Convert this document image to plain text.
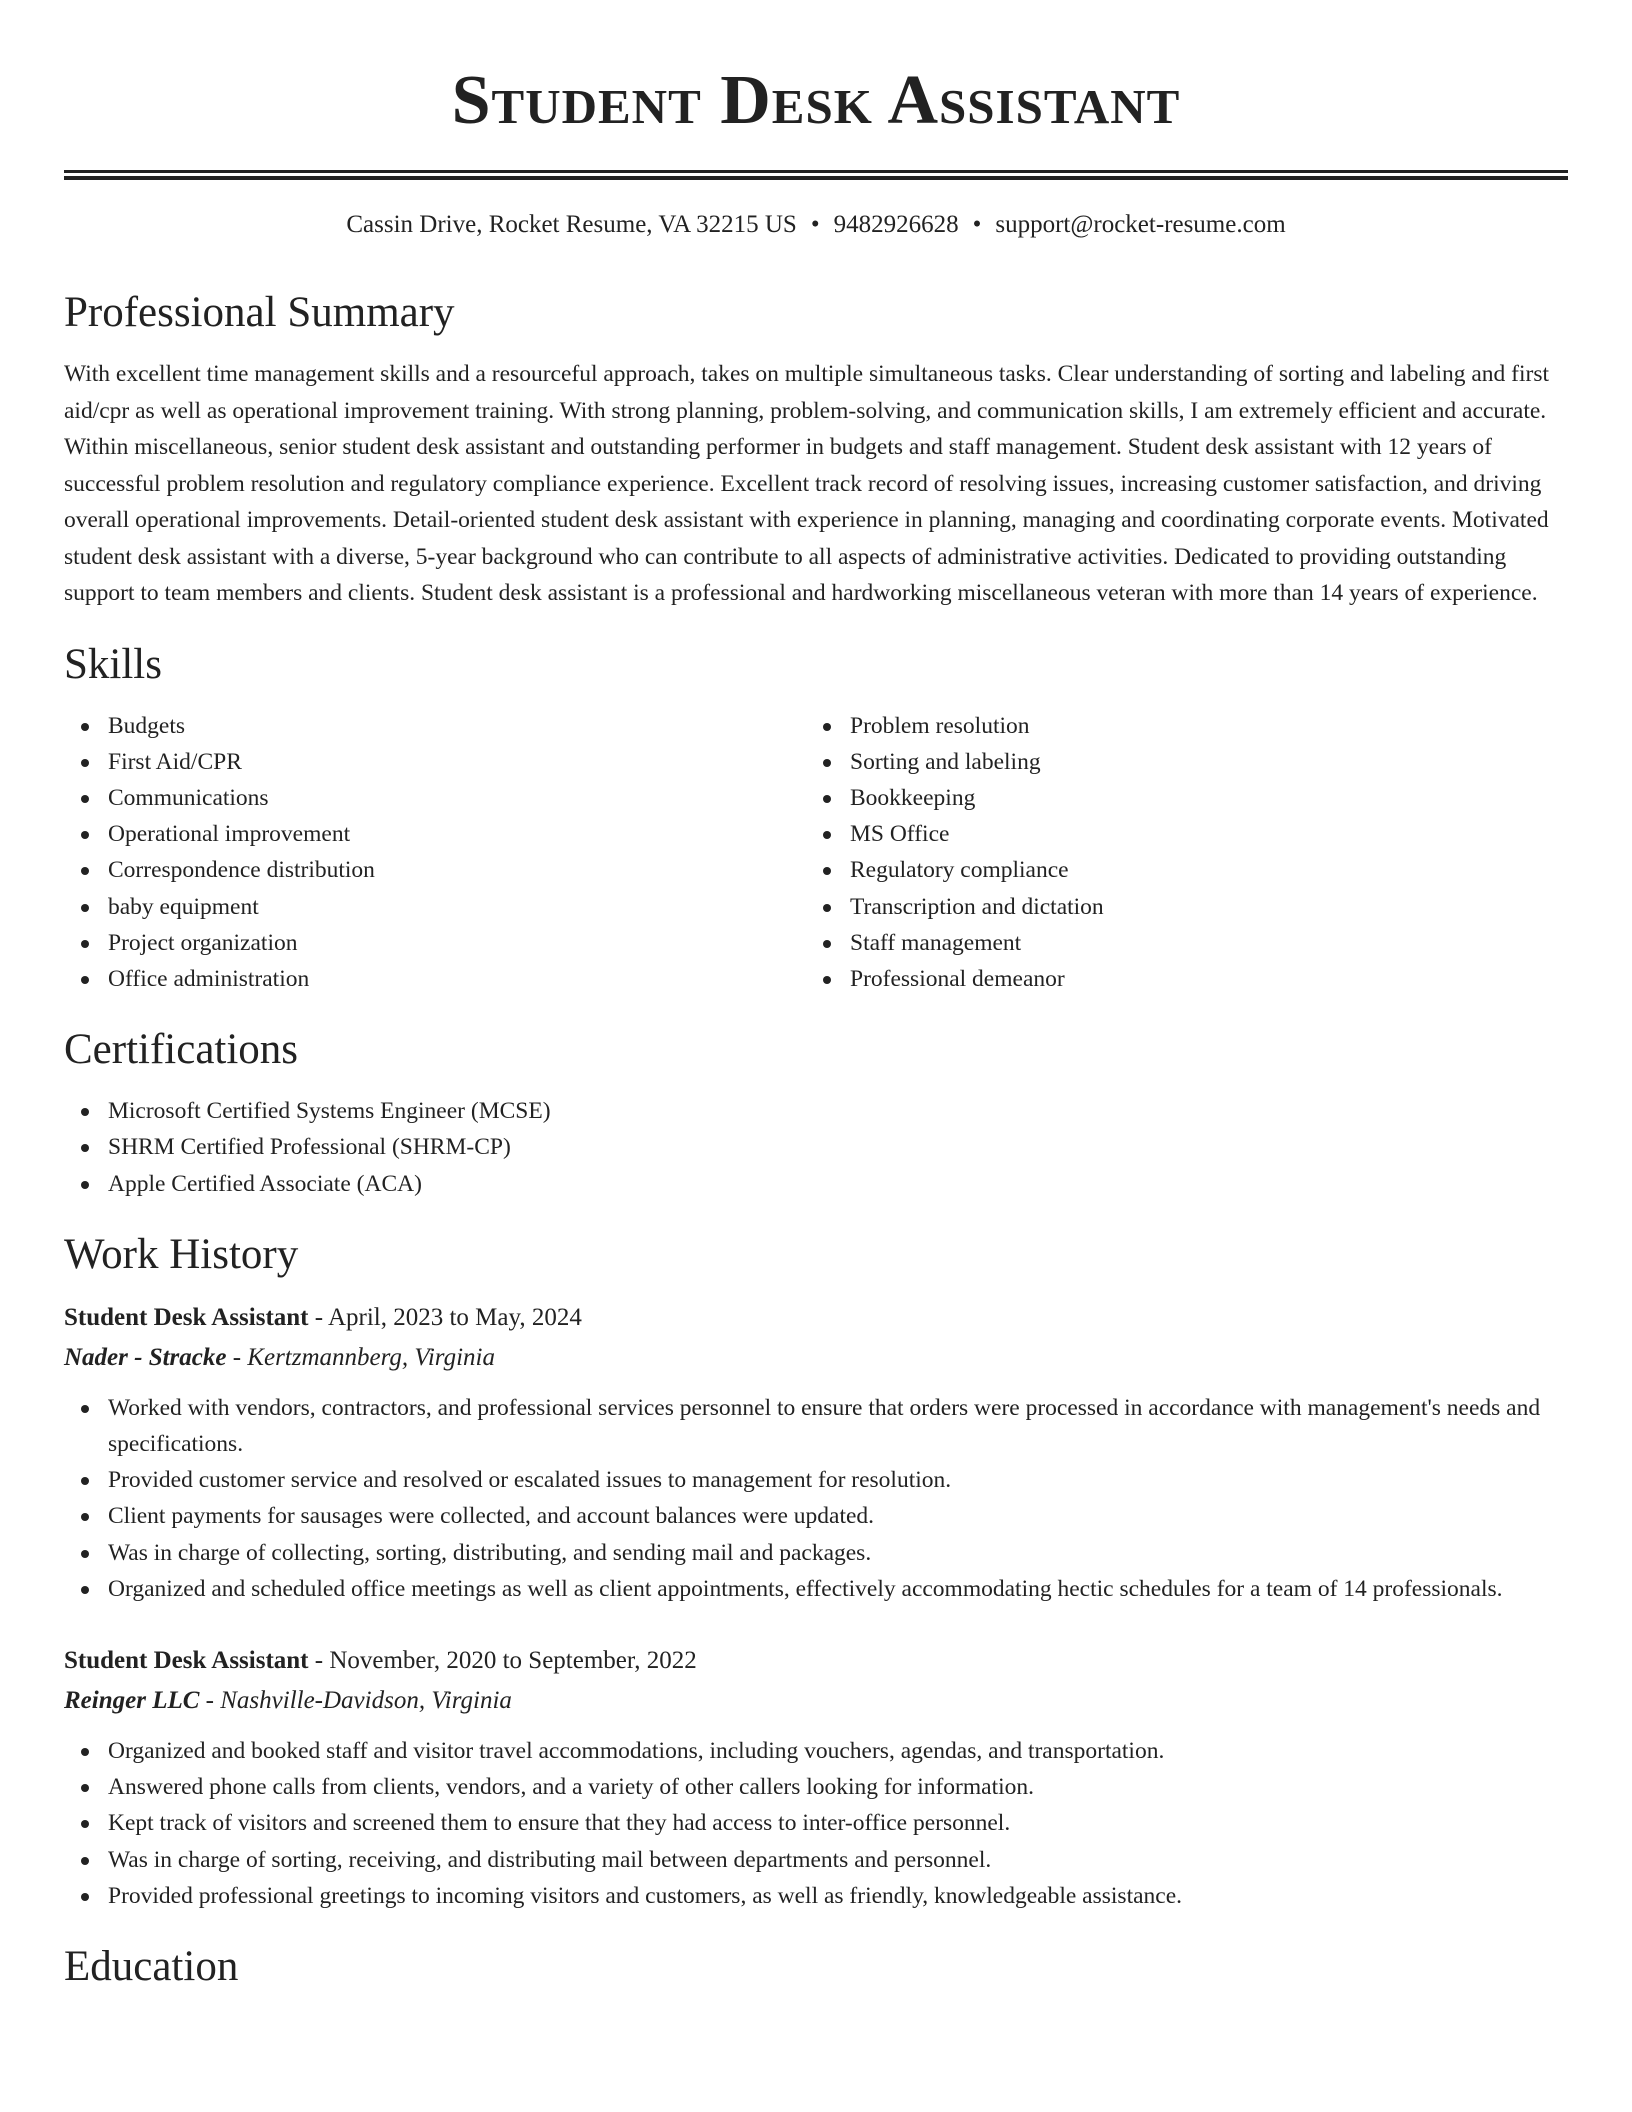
Student Desk Assistant
Cassin Drive, Rocket Resume, VA 32215 US • 9482926628 • support@rocket-resume.com
Professional Summary

With excellent time management skills and a resourceful approach, takes on multiple simultaneous tasks. Clear understanding of sorting and labeling and first aid/cpr as well as operational improvement training. With strong planning, problem-solving, and communication skills, I am extremely efficient and accurate. Within miscellaneous, senior student desk assistant and outstanding performer in budgets and staff management. Student desk assistant with 12 years of successful problem resolution and regulatory compliance experience. Excellent track record of resolving issues, increasing customer satisfaction, and driving overall operational improvements. Detail-oriented student desk assistant with experience in planning, managing and coordinating corporate events. Motivated student desk assistant with a diverse, 5-year background who can contribute to all aspects of administrative activities. Dedicated to providing outstanding support to team members and clients. Student desk assistant is a professional and hardworking miscellaneous veteran with more than 14 years of experience.

Skills
Budgets
First Aid/CPR
Communications
Operational improvement
Correspondence distribution
baby equipment
Project organization
Office administration
Problem resolution
Sorting and labeling
Bookkeeping
MS Office
Regulatory compliance
Transcription and dictation
Staff management
Professional demeanor
Certifications
Microsoft Certified Systems Engineer (MCSE)
SHRM Certified Professional (SHRM-CP)
Apple Certified Associate (ACA)
Work History
Student Desk Assistant - April, 2023 to May, 2024
Nader - Stracke - Kertzmannberg, Virginia
Worked with vendors, contractors, and professional services personnel to ensure that orders were processed in accordance with management's needs and specifications.
Provided customer service and resolved or escalated issues to management for resolution.
Client payments for sausages were collected, and account balances were updated.
Was in charge of collecting, sorting, distributing, and sending mail and packages.
Organized and scheduled office meetings as well as client appointments, effectively accommodating hectic schedules for a team of 14 professionals.
Student Desk Assistant - November, 2020 to September, 2022
Reinger LLC - Nashville-Davidson, Virginia
Organized and booked staff and visitor travel accommodations, including vouchers, agendas, and transportation.
Answered phone calls from clients, vendors, and a variety of other callers looking for information.
Kept track of visitors and screened them to ensure that they had access to inter-office personnel.
Was in charge of sorting, receiving, and distributing mail between departments and personnel.
Provided professional greetings to incoming visitors and customers, as well as friendly, knowledgeable assistance.
Education
